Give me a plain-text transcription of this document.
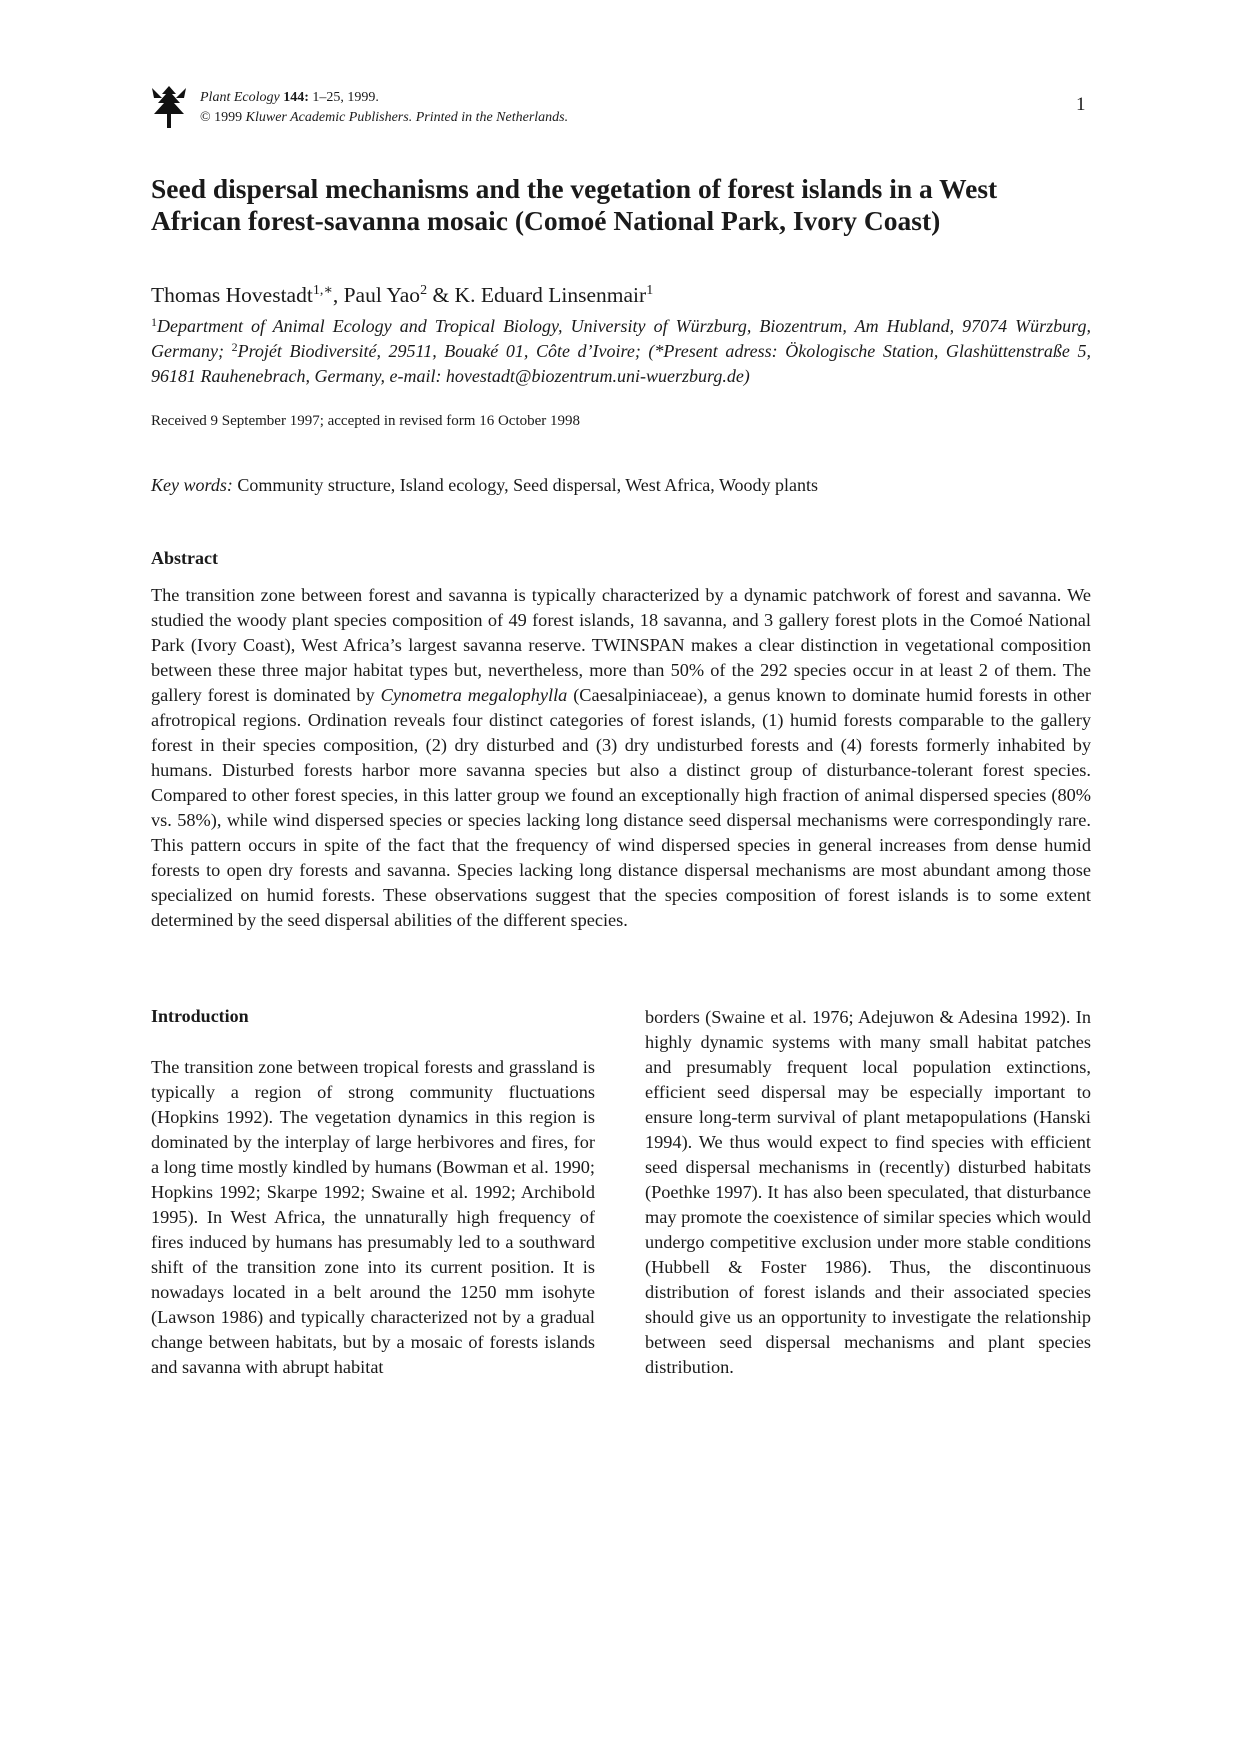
Plant Ecology 144: 1–25, 1999.
© 1999 Kluwer Academic Publishers. Printed in the Netherlands.
1
Seed dispersal mechanisms and the vegetation of forest islands in a West African forest-savanna mosaic (Comoé National Park, Ivory Coast)
Thomas Hovestadt$^{1,∗}$, Paul Yao$^2$ & K. Eduard Linsenmair$^1$
$^1$Department of Animal Ecology and Tropical Biology, University of Würzburg, Biozentrum, Am Hubland, 97074 Würzburg, Germany; $^2$Projét Biodiversité, 29511, Bouaké 01, Côte d’Ivoire; (*Present adress: Ökologische Station, Glashüttenstraße 5, 96181 Rauhenebrach, Germany, e-mail: hovestadt@biozentrum.uni-wuerzburg.de)
Received 9 September 1997; accepted in revised form 16 October 1998
Key words: Community structure, Island ecology, Seed dispersal, West Africa, Woody plants
Abstract

The transition zone between forest and savanna is typically characterized by a dynamic patchwork of forest and savanna. We studied the woody plant species composition of 49 forest islands, 18 savanna, and 3 gallery forest plots in the Comoé National Park (Ivory Coast), West Africa’s largest savanna reserve. TWINSPAN makes a clear distinction in vegetational composition between these three major habitat types but, nevertheless, more than 50% of the 292 species occur in at least 2 of them. The gallery forest is dominated by Cynometra megalophylla (Caesalpiniaceae), a genus known to dominate humid forests in other afrotropical regions. Ordination reveals four distinct categories of forest islands, (1) humid forests comparable to the gallery forest in their species composition, (2) dry disturbed and (3) dry undisturbed forests and (4) forests formerly inhabited by humans. Disturbed forests harbor more savanna species but also a distinct group of disturbance-tolerant forest species. Compared to other forest species, in this latter group we found an exceptionally high fraction of animal dispersed species (80% vs. 58%), while wind dispersed species or species lacking long distance seed dispersal mechanisms were correspondingly rare. This pattern occurs in spite of the fact that the frequency of wind dispersed species in general increases from dense humid forests to open dry forests and savanna. Species lacking long distance dispersal mechanisms are most abundant among those specialized on humid forests. These observations suggest that the species composition of forest islands is to some extent determined by the seed dispersal abilities of the different species.

Introduction

The transition zone between tropical forests and grassland is typically a region of strong community fluctuations (Hopkins 1992). The vegetation dynamics in this region is dominated by the interplay of large herbivores and fires, for a long time mostly kindled by humans (Bowman et al. 1990; Hopkins 1992; Skarpe 1992; Swaine et al. 1992; Archibold 1995). In West Africa, the unnaturally high frequency of fires induced by humans has presumably led to a southward shift of the transition zone into its current position. It is nowadays located in a belt around the 1250 mm isohyte (Lawson 1986) and typically characterized not by a gradual change between habitats, but by a mosaic of forests islands and savanna with abrupt habitat

borders (Swaine et al. 1976; Adejuwon & Adesina 1992). In highly dynamic systems with many small habitat patches and presumably frequent local population extinctions, efficient seed dispersal may be especially important to ensure long-term survival of plant metapopulations (Hanski 1994). We thus would expect to find species with efficient seed dispersal mechanisms in (recently) disturbed habitats (Poethke 1997). It has also been speculated, that disturbance may promote the coexistence of similar species which would undergo competitive exclusion under more stable conditions (Hubbell & Foster 1986). Thus, the discontinuous distribution of forest islands and their associated species should give us an opportunity to investigate the relationship between seed dispersal mechanisms and plant species distribution.
